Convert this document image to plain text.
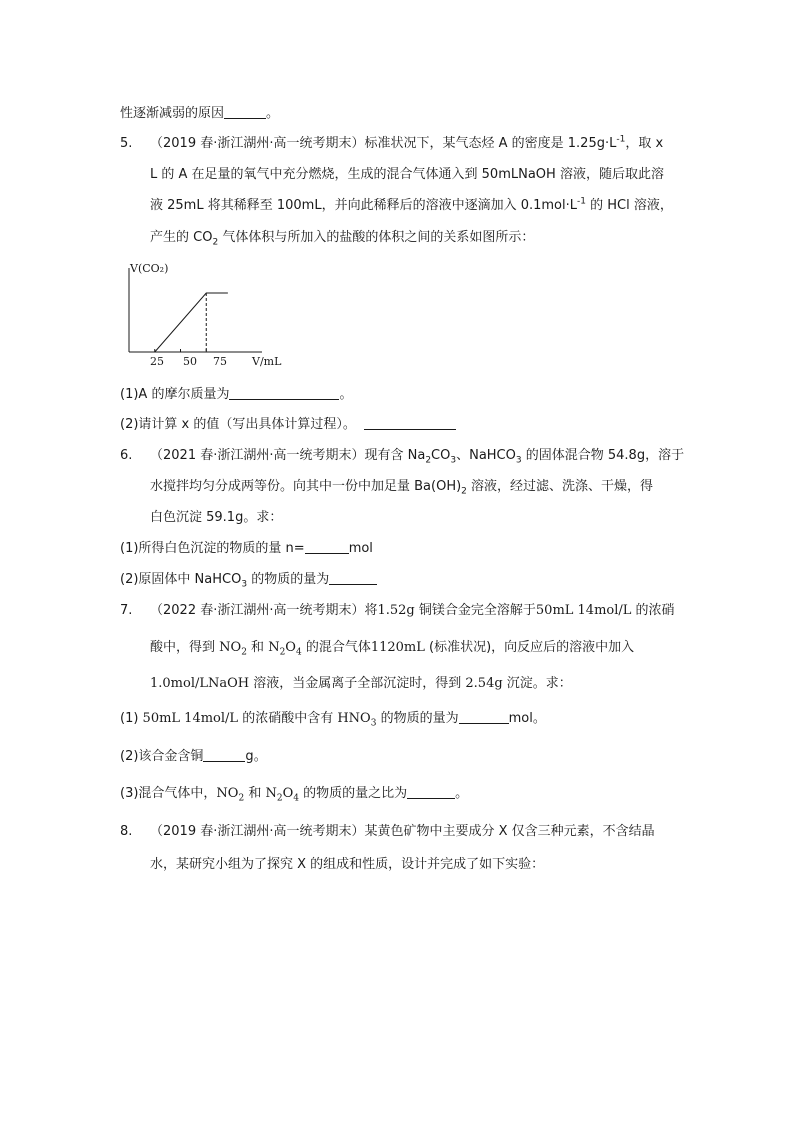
性逐渐减弱的原因	。
5. （2019 春·浙江湖州·高一统考期末）标准状况下，某气态烃 A 的密度是 $1.25g\cdot L^{-1}$，取 x
L 的 A 在足量的氧气中充分燃烧，生成的混合气体通入到 50mLNaOH 溶液，随后取此溶
液 25mL 将其稀释至 100mL，并向此稀释后的溶液中逐滴加入 $0.1mol\cdot L^{-1}$ 的 HCl 溶液，
产生的 $CO_2$ 气体体积与所加入的盐酸的体积之间的关系如图所示：
V(CO₂)
V/mL
25 50 75
(1)A 的摩尔质量为	。
(2)请计算 x 的值（写出具体计算过程）。
6. （2021 春·浙江湖州·高一统考期末）现有含 $Na_2CO_3$、NaHCO$_3$ 的固体混合物 54.8g，溶于
水搅拌均匀分成两等份。向其中一份中加足量 $Ba(OH)_2$ 溶液，经过滤、洗涤、干燥，得
白色沉淀 59.1g。求：
(1)所得白色沉淀的物质的量 n=	mol
(2)原固体中 NaHCO$_3$ 的物质的量为
7. （2022 春·浙江湖州·高一统考期末）将1.52g 铜镁合金完全溶解于50mL 14mol/L 的浓硝
酸中，得到 $NO_2$ 和 $N_2O_4$ 的混合气体1120mL (标准状况)，向反应后的溶液中加入
1.0mol/LNaOH 溶液，当金属离子全部沉淀时，得到 2.54g 沉淀。求：
(1) 50mL 14mol/L 的浓硝酸中含有 $HNO_3$ 的物质的量为	mol。
(2)该合金含铜	g。
(3)混合气体中，$NO_2$ 和 $N_2O_4$ 的物质的量之比为	。
8. （2019 春·浙江湖州·高一统考期末）某黄色矿物中主要成分 X 仅含三种元素，不含结晶
水，某研究小组为了探究 X 的组成和性质，设计并完成了如下实验：
